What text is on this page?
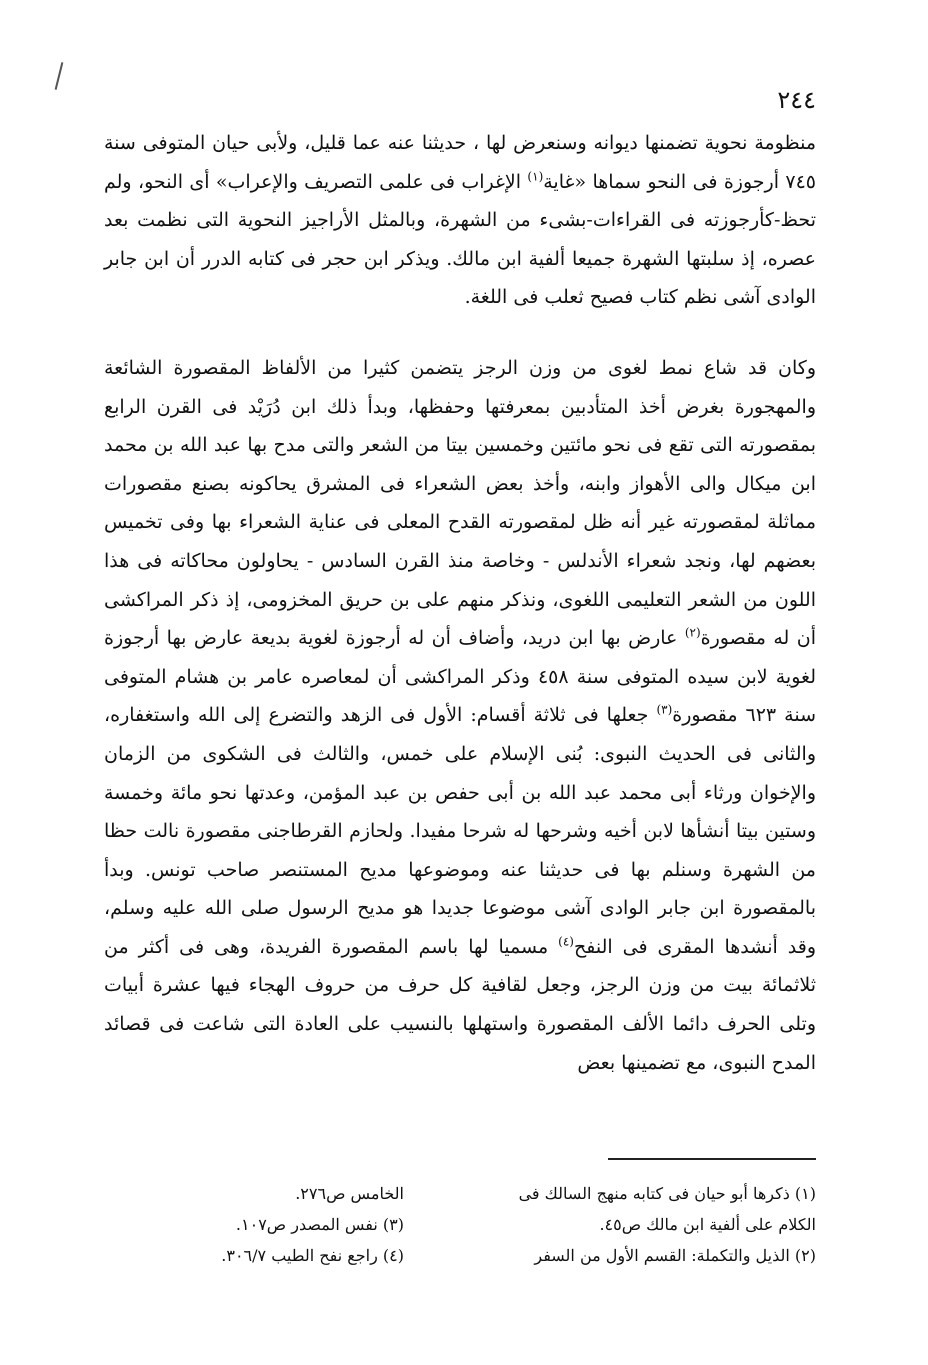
٢٤٤

منظومة نحوية تضمنها ديوانه وسنعرض لها ، حديثنا عنه عما قليل، ولأبى حيان المتوفى سنة ٧٤٥ أرجوزة فى النحو سماها «غاية$^{(١)}$ الإغراب فى علمى التصريف والإعراب» أى النحو، ولم تحظ-كأرجوزته فى القراءات-بشىء من الشهرة، وبالمثل الأراجيز النحوية التى نظمت بعد عصره، إذ سلبتها الشهرة جميعا ألفية ابن مالك. ويذكر ابن حجر فى كتابه الدرر أن ابن جابر الوادى آشى نظم كتاب فصيح ثعلب فى اللغة.

وكان قد شاع نمط لغوى من وزن الرجز يتضمن كثيرا من الألفاظ المقصورة الشائعة والمهجورة بغرض أخذ المتأدبين بمعرفتها وحفظها، وبدأ ذلك ابن دُرَيْد فى القرن الرابع بمقصورته التى تقع فى نحو مائتين وخمسين بيتا من الشعر والتى مدح بها عبد الله بن محمد ابن ميكال والى الأهواز وابنه، وأخذ بعض الشعراء فى المشرق يحاكونه بصنع مقصورات مماثلة لمقصورته غير أنه ظل لمقصورته القدح المعلى فى عناية الشعراء بها وفى تخميس بعضهم لها، ونجد شعراء الأندلس - وخاصة منذ القرن السادس - يحاولون محاكاته فى هذا اللون من الشعر التعليمى اللغوى، ونذكر منهم على بن حريق المخزومى، إذ ذكر المراكشى أن له مقصورة$^{(٢)}$ عارض بها ابن دريد، وأضاف أن له أرجوزة لغوية بديعة عارض بها أرجوزة لغوية لابن سيده المتوفى سنة ٤٥٨ وذكر المراكشى أن لمعاصره عامر بن هشام المتوفى سنة ٦٢٣ مقصورة$^{(٣)}$ جعلها فى ثلاثة أقسام: الأول فى الزهد والتضرع إلى الله واستغفاره، والثانى فى الحديث النبوى: بُنى الإسلام على خمس، والثالث فى الشكوى من الزمان والإخوان ورثاء أبى محمد عبد الله بن أبى حفص بن عبد المؤمن، وعدتها نحو مائة وخمسة وستين بيتا أنشأها لابن أخيه وشرحها له شرحا مفيدا. ولحازم القرطاجنى مقصورة نالت حظا من الشهرة وسنلم بها فى حديثنا عنه وموضوعها مديح المستنصر صاحب تونس. وبدأ بالمقصورة ابن جابر الوادى آشى موضوعا جديدا هو مديح الرسول صلى الله عليه وسلم، وقد أنشدها المقرى فى النفح$^{(٤)}$ مسميا لها باسم المقصورة الفريدة، وهى فى أكثر من ثلاثمائة بيت من وزن الرجز، وجعل لقافية كل حرف من حروف الهجاء فيها عشرة أبيات وتلى الحرف دائما الألف المقصورة واستهلها بالنسيب على العادة التى شاعت فى قصائد المدح النبوى، مع تضمينها بعض

(١) ذكرها أبو حيان فى كتابه منهج السالك فى
الكلام على ألفية ابن مالك ص٤٥.
(٢) الذيل والتكملة: القسم الأول من السفر
الخامس ص٢٧٦.
(٣) نفس المصدر ص١٠٧.
(٤) راجع نفح الطيب ٣٠٦/٧.
